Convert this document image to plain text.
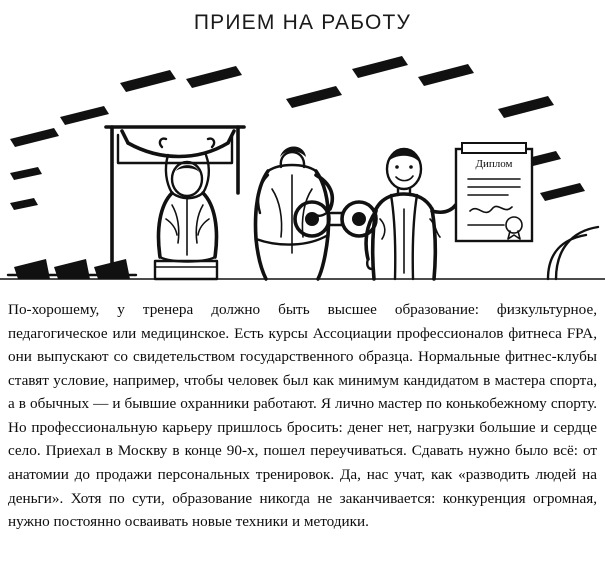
ПРИЕМ НА РАБОТУ
Диплом

По-хорошему, у тренера должно быть высшее образование: физкультурное, педагогическое или медицинское. Есть курсы Ассоциации профессионалов фитнеса FPA, они выпускают со свидетельством государственного образца. Нормальные фитнес-клубы ставят условие, например, чтобы человек был как минимум кандидатом в мастера спорта, а в обычных — и бывшие охранники работают. Я лично мастер по конькобежному спорту. Но профессиональную карьеру пришлось бросить: денег нет, нагрузки большие и сердце село. Приехал в Москву в конце 90-х, пошел переучиваться. Сдавать нужно было всё: от анатомии до продажи персональных тренировок. Да, нас учат, как «разводить людей на деньги». Хотя по сути, образование никогда не заканчивается: конкуренция огромная, нужно постоянно осваивать новые техники и методики.
